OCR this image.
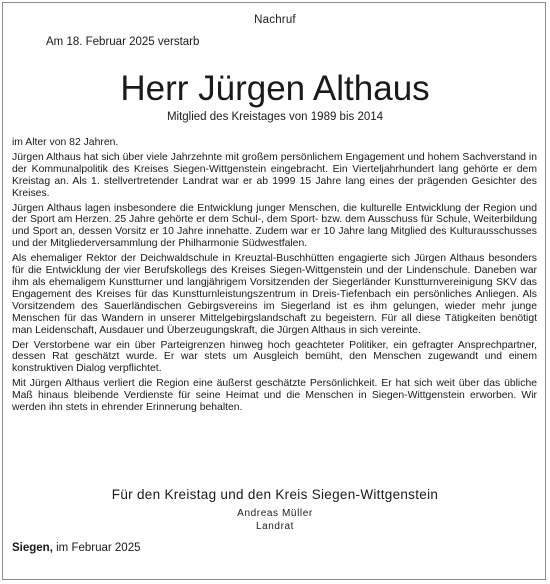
Nachruf
Am 18. Februar 2025 verstarb
Herr Jürgen Althaus
Mitglied des Kreistages von 1989 bis 2014

im Alter von 82 Jahren.

Jürgen Althaus hat sich über viele Jahrzehnte mit großem persönlichem Engagement und hohem Sachverstand in der Kommunalpolitik des Kreises Siegen-Wittgenstein eingebracht. Ein Vierteljahrhundert lang gehörte er dem Kreistag an. Als 1. stellvertretender Landrat war er ab 1999 15 Jahre lang eines der prägenden Gesichter des Kreises.

Jürgen Althaus lagen insbesondere die Entwicklung junger Menschen, die kulturelle Entwicklung der Region und der Sport am Herzen. 25 Jahre gehörte er dem Schul-, dem Sport- bzw. dem Ausschuss für Schule, Weiterbildung und Sport an, dessen Vorsitz er 10 Jahre innehatte. Zudem war er 10 Jahre lang Mitglied des Kulturausschusses und der Mitgliederversammlung der Philharmonie Südwestfalen.

Als ehemaliger Rektor der Deichwaldschule in Kreuztal-Buschhütten engagierte sich Jürgen Althaus besonders für die Entwicklung der vier Berufskollegs des Kreises Siegen-Wittgenstein und der Lindenschule. Daneben war ihm als ehemaligem Kunstturner und langjährigem Vorsitzenden der Siegerländer Kunstturnvereinigung SKV das Engagement des Kreises für das Kunstturnleistungszentrum in Dreis-Tiefenbach ein persönliches Anliegen. Als Vorsitzendem des Sauerländischen Gebirgsvereins im Siegerland ist es ihm gelungen, wieder mehr junge Menschen für das Wandern in unserer Mittelgebirgslandschaft zu begeistern. Für all diese Tätigkeiten benötigt man Leidenschaft, Ausdauer und Überzeugungskraft, die Jürgen Althaus in sich vereinte.

Der Verstorbene war ein über Parteigrenzen hinweg hoch geachteter Politiker, ein gefragter Ansprechpartner, dessen Rat geschätzt wurde. Er war stets um Ausgleich bemüht, den Menschen zugewandt und einem konstruktiven Dialog verpflichtet.

Mit Jürgen Althaus verliert die Region eine äußerst geschätzte Persönlichkeit. Er hat sich weit über das übliche Maß hinaus bleibende Verdienste für seine Heimat und die Menschen in Siegen-Wittgenstein erworben. Wir werden ihn stets in ehrender Erinnerung behalten.

Für den Kreistag und den Kreis Siegen-Wittgenstein
Andreas Müller
Landrat
Siegen, im Februar 2025
